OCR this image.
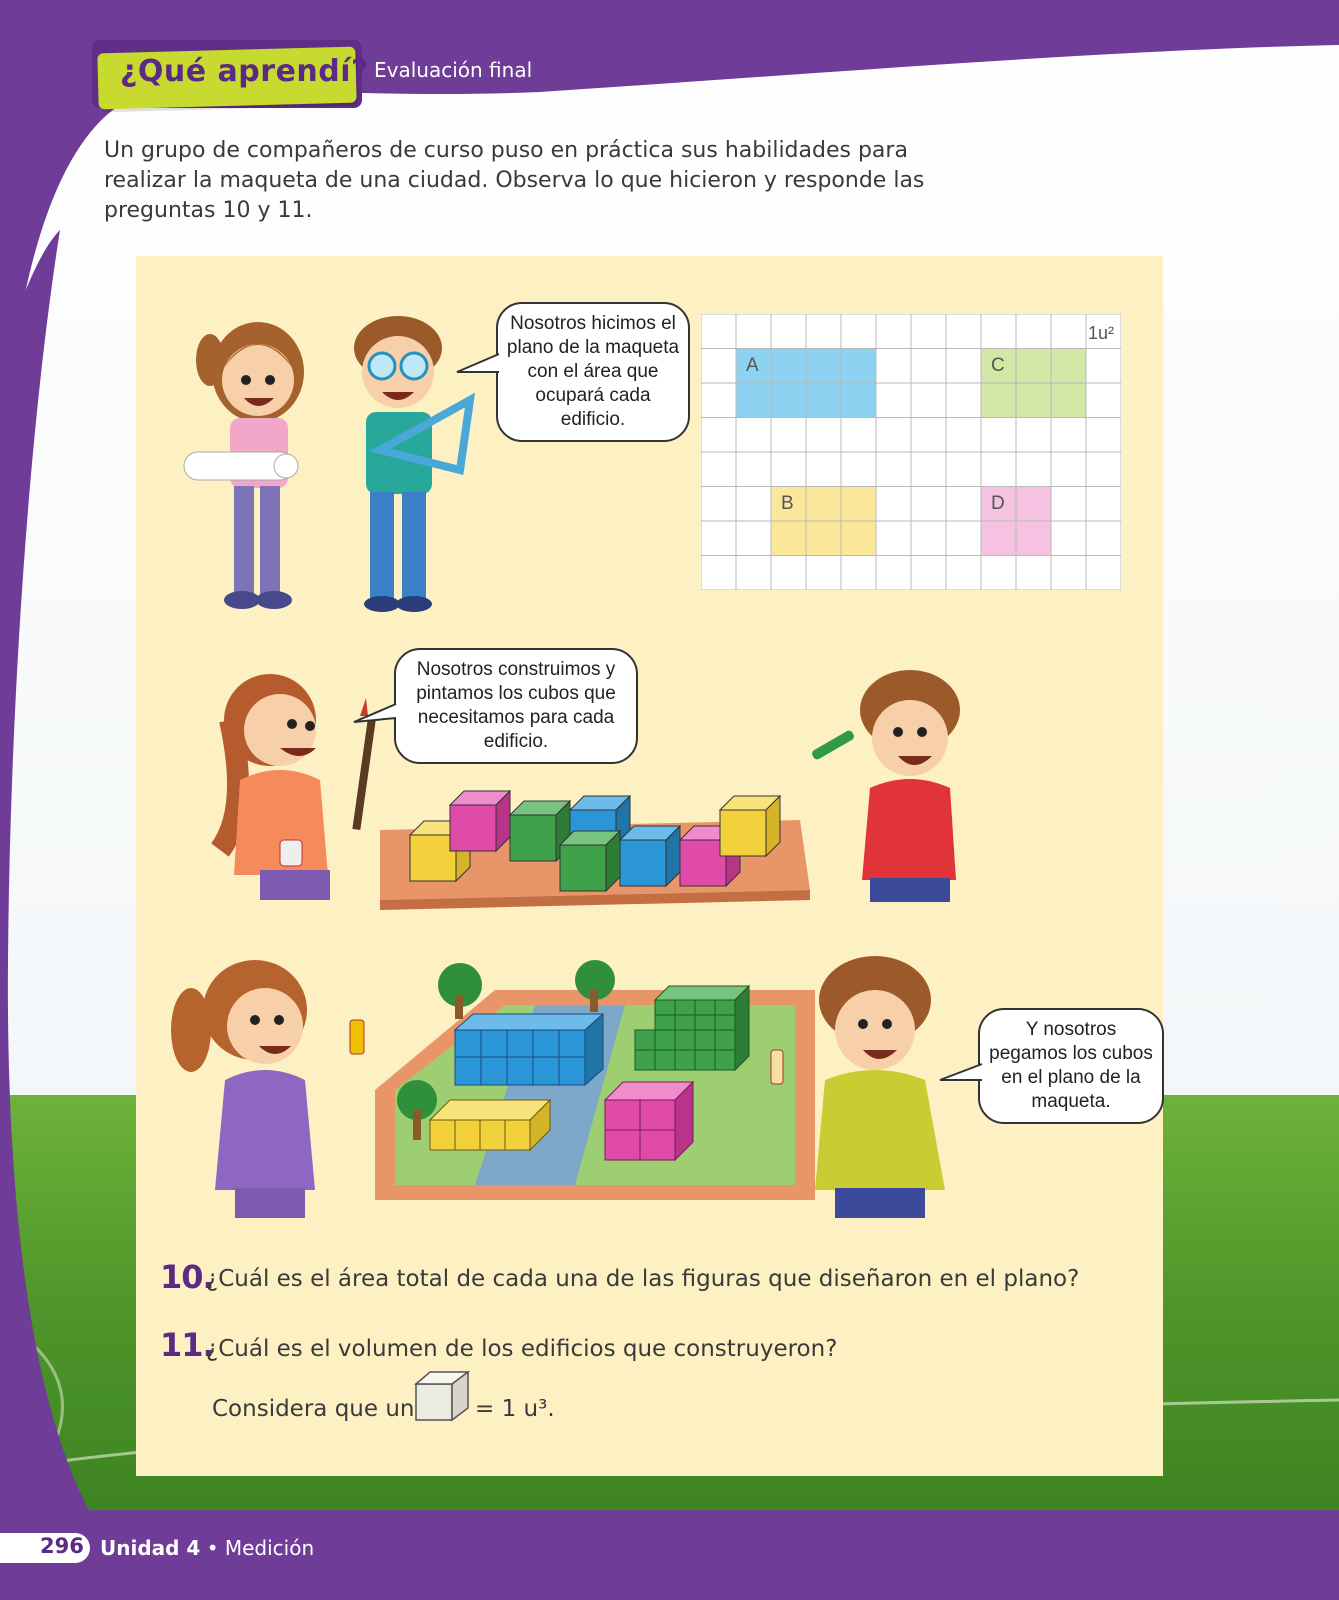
¿Qué aprendí? Evaluación final
Un grupo de compañeros de curso puso en práctica sus habilidades para realizar la maqueta de una ciudad. Observa lo que hicieron y responde las preguntas 10 y 11.
Nosotros hicimos el plano de la maqueta con el área que ocupará cada edificio.
A	C
B	D
1u²
Nosotros construimos y pintamos los cubos que necesitamos para cada edificio.
Y nosotros pegamos los cubos en el plano de la maqueta.
10.
¿Cuál es el área total de cada una de las figuras que diseñaron en el plano?
11.
¿Cuál es el volumen de los edificios que construyeron?
Considera que un	= 1 u³.
296 Unidad 4 • Medición
